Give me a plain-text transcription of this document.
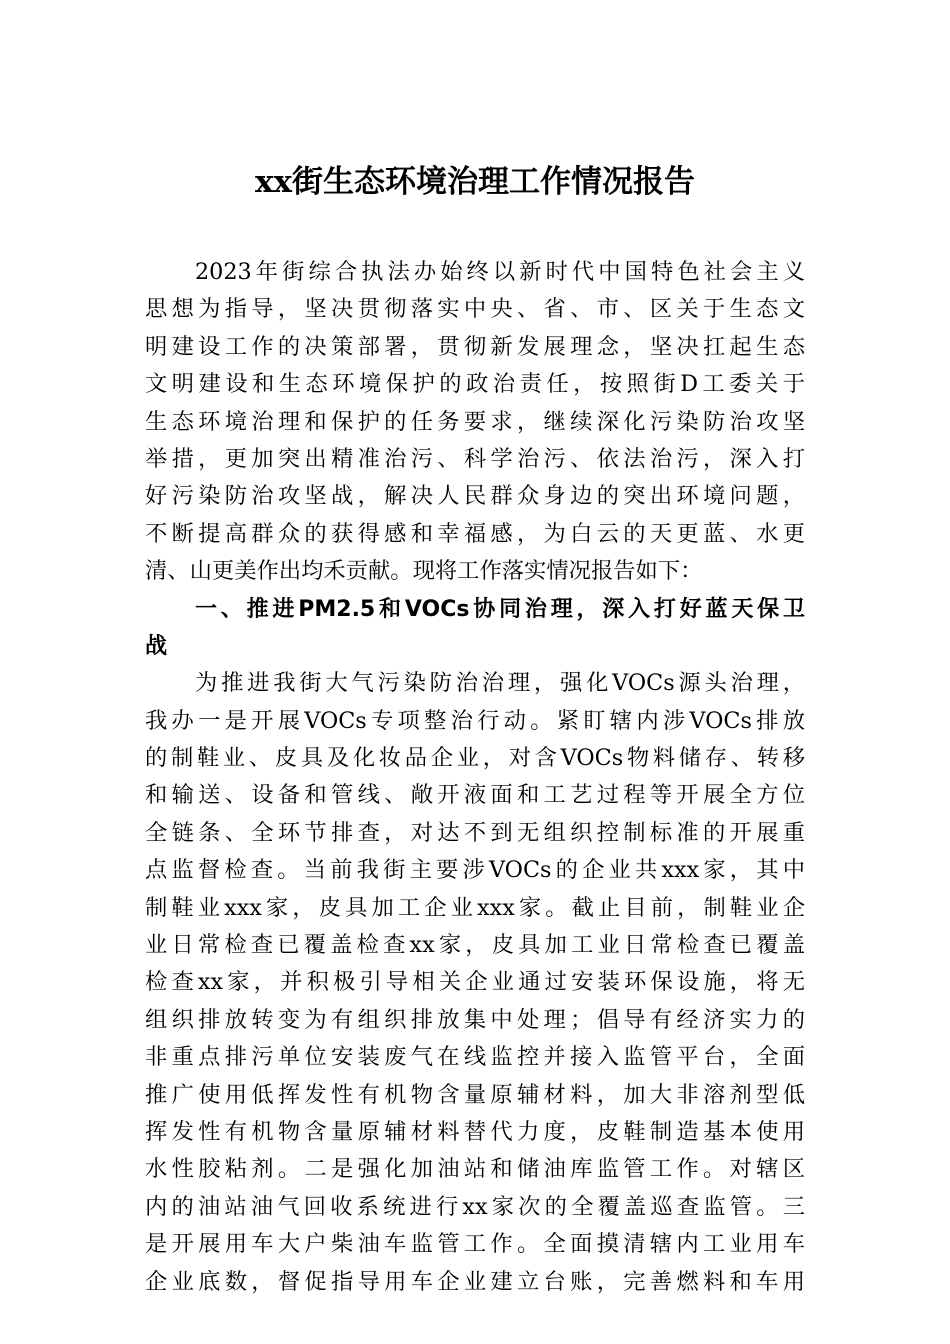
xx街生态环境治理工作情况报告
2023年街综合执法办始终以新时代中国特色社会主义
思想为指导，坚决贯彻落实中央、省、市、区关于生态文
明建设工作的决策部署，贯彻新发展理念，坚决扛起生态
文明建设和生态环境保护的政治责任，按照街D工委关于
生态环境治理和保护的任务要求，继续深化污染防治攻坚
举措，更加突出精准治污、科学治污、依法治污，深入打
好污染防治攻坚战，解决人民群众身边的突出环境问题，
不断提高群众的获得感和幸福感，为白云的天更蓝、水更
清、山更美作出均禾贡献。现将工作落实情况报告如下：
一、推进PM2.5和VOCs协同治理，深入打好蓝天保卫
战
为推进我街大气污染防治治理，强化VOCs源头治理，
我办一是开展VOCs专项整治行动。紧盯辖内涉VOCs排放
的制鞋业、皮具及化妆品企业，对含VOCs物料储存、转移
和输送、设备和管线、敞开液面和工艺过程等开展全方位
全链条、全环节排查，对达不到无组织控制标准的开展重
点监督检查。当前我街主要涉VOCs的企业共xxx家，其中
制鞋业xxx家，皮具加工企业xxx家。截止目前，制鞋业企
业日常检查已覆盖检查xx家，皮具加工业日常检查已覆盖
检查xx家，并积极引导相关企业通过安装环保设施，将无
组织排放转变为有组织排放集中处理；倡导有经济实力的
非重点排污单位安装废气在线监控并接入监管平台，全面
推广使用低挥发性有机物含量原辅材料，加大非溶剂型低
挥发性有机物含量原辅材料替代力度，皮鞋制造基本使用
水性胶粘剂。二是强化加油站和储油库监管工作。对辖区
内的油站油气回收系统进行xx家次的全覆盖巡查监管。三
是开展用车大户柴油车监管工作。全面摸清辖内工业用车
企业底数，督促指导用车企业建立台账，完善燃料和车用
